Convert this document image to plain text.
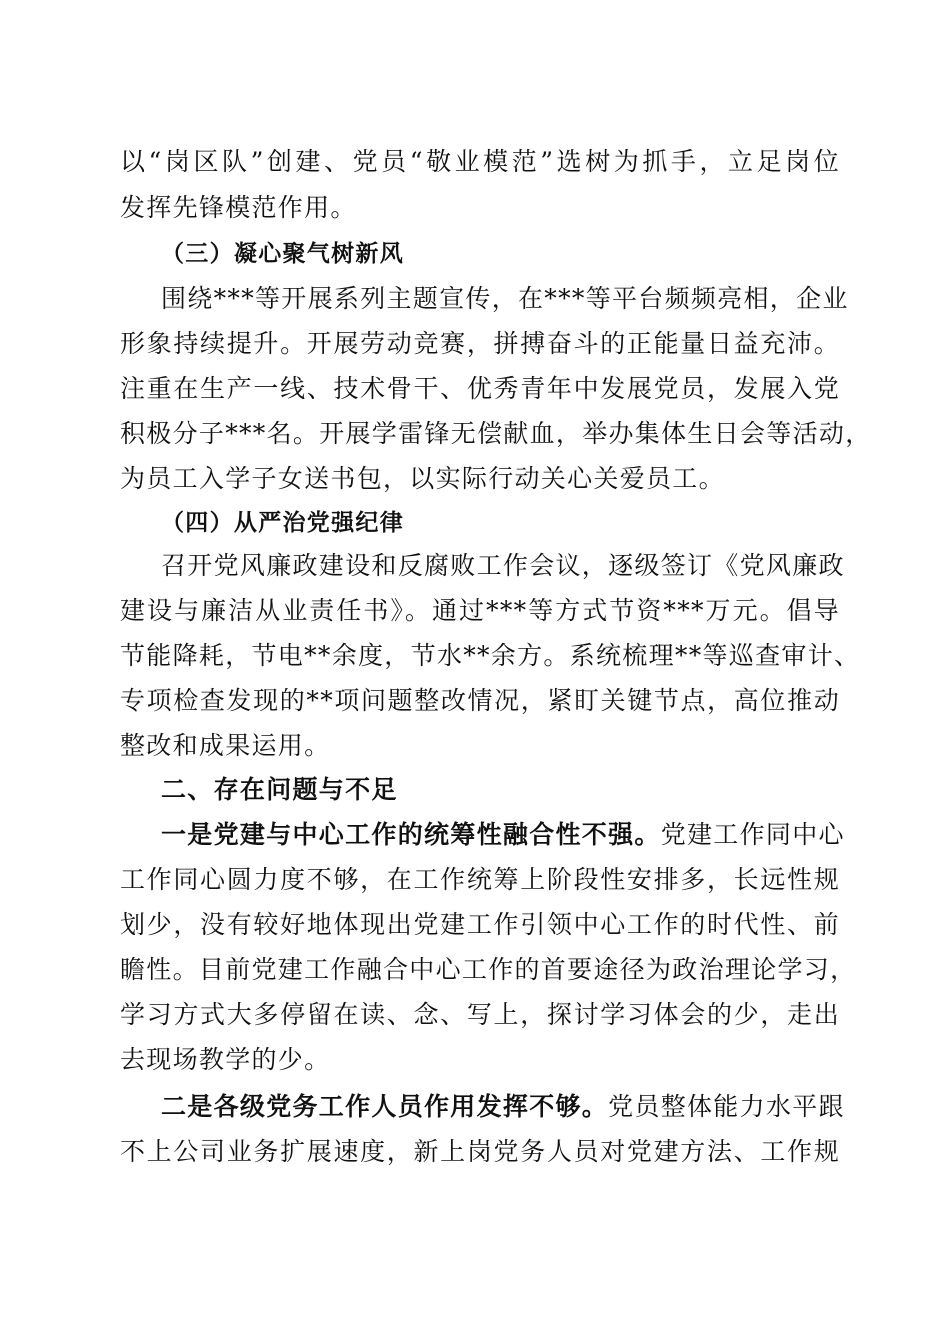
以“岗区队”创建、党员“敬业模范”选树为抓手，立足岗位
发挥先锋模范作用。
（三）凝心聚气树新风
围绕***等开展系列主题宣传，在***等平台频频亮相，企业
形象持续提升。开展劳动竞赛，拼搏奋斗的正能量日益充沛。
注重在生产一线、技术骨干、优秀青年中发展党员，发展入党
积极分子***名。开展学雷锋无偿献血，举办集体生日会等活动，
为员工入学子女送书包，以实际行动关心关爱员工。
（四）从严治党强纪律
召开党风廉政建设和反腐败工作会议，逐级签订《党风廉政
建设与廉洁从业责任书》。通过***等方式节资***万元。倡导
节能降耗，节电**余度，节水**余方。系统梳理**等巡查审计、
专项检查发现的**项问题整改情况，紧盯关键节点，高位推动
整改和成果运用。
二、存在问题与不足
一是党建与中心工作的统筹性融合性不强。党建工作同中心
工作同心圆力度不够，在工作统筹上阶段性安排多，长远性规
划少，没有较好地体现出党建工作引领中心工作的时代性、前
瞻性。目前党建工作融合中心工作的首要途径为政治理论学习，
学习方式大多停留在读、念、写上，探讨学习体会的少，走出
去现场教学的少。
二是各级党务工作人员作用发挥不够。党员整体能力水平跟
不上公司业务扩展速度，新上岗党务人员对党建方法、工作规
